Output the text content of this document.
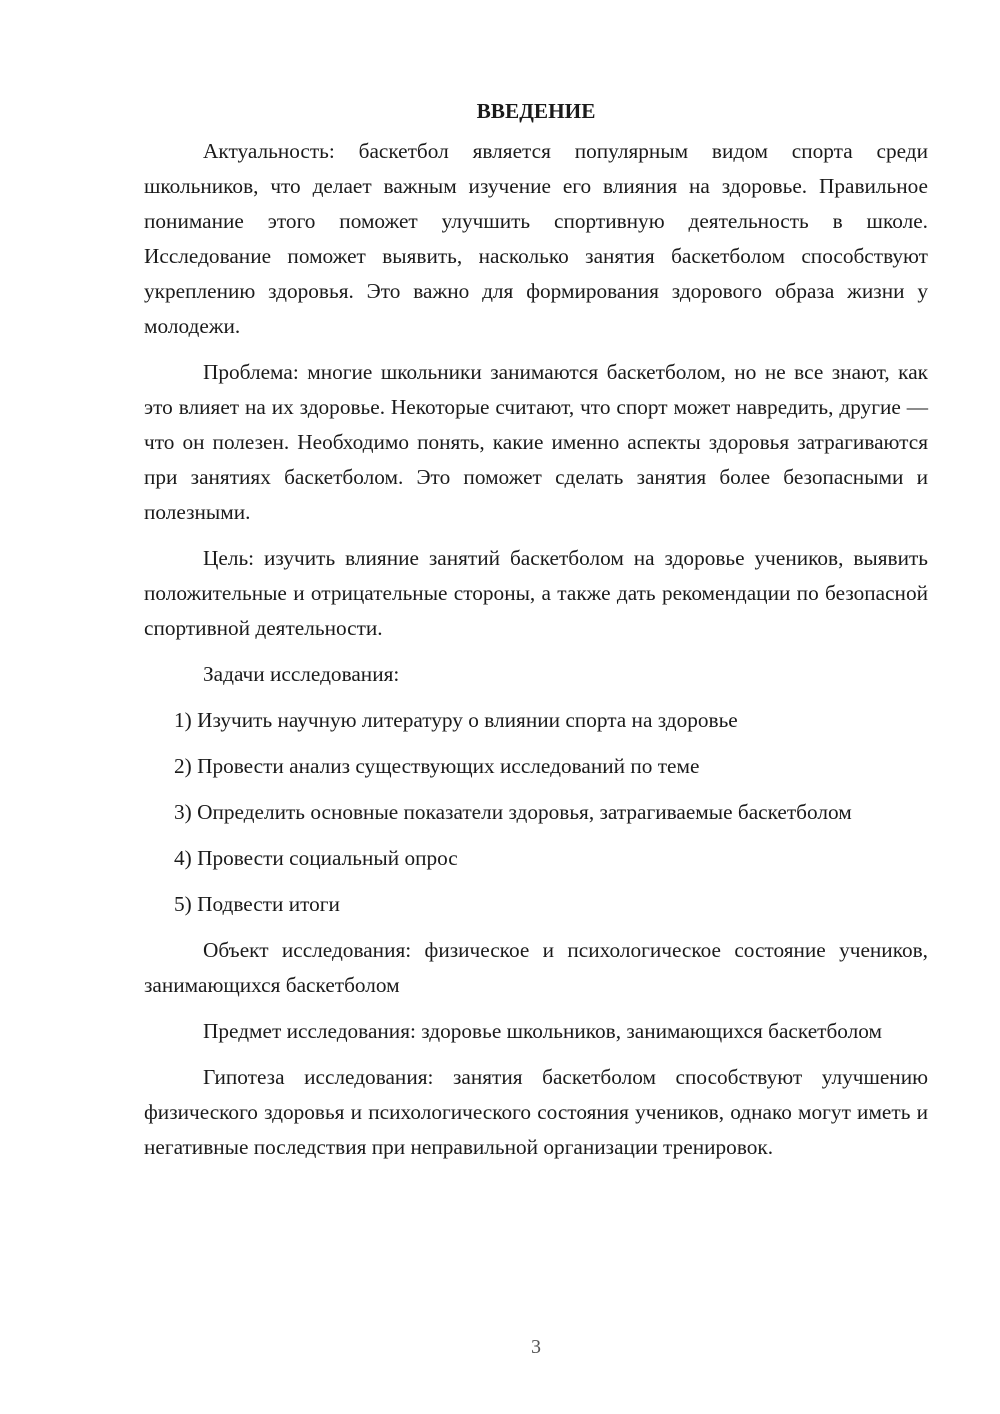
ВВЕДЕНИЕ

Актуальность: баскетбол является популярным видом спорта среди школьников, что делает важным изучение его влияния на здоровье. Правильное понимание этого поможет улучшить спортивную деятельность в школе. Исследование поможет выявить, насколько занятия баскетболом способствуют укреплению здоровья. Это важно для формирования здорового образа жизни у молодежи.

Проблема: многие школьники занимаются баскетболом, но не все знают, как это влияет на их здоровье. Некоторые считают, что спорт может навредить, другие — что он полезен. Необходимо понять, какие именно аспекты здоровья затрагиваются при занятиях баскетболом. Это поможет сделать занятия более безопасными и полезными.

Цель: изучить влияние занятий баскетболом на здоровье учеников, выявить положительные и отрицательные стороны, а также дать рекомендации по безопасной спортивной деятельности.

Задачи исследования:

1) Изучить научную литературу о влиянии спорта на здоровье

2) Провести анализ существующих исследований по теме

3) Определить основные показатели здоровья, затрагиваемые баскетболом

4) Провести социальный опрос

5) Подвести итоги

Объект исследования: физическое и психологическое состояние учеников, занимающихся баскетболом

Предмет исследования: здоровье школьников, занимающихся баскетболом

Гипотеза исследования: занятия баскетболом способствуют улучшению физического здоровья и психологического состояния учеников, однако могут иметь и негативные последствия при неправильной организации тренировок.

3
